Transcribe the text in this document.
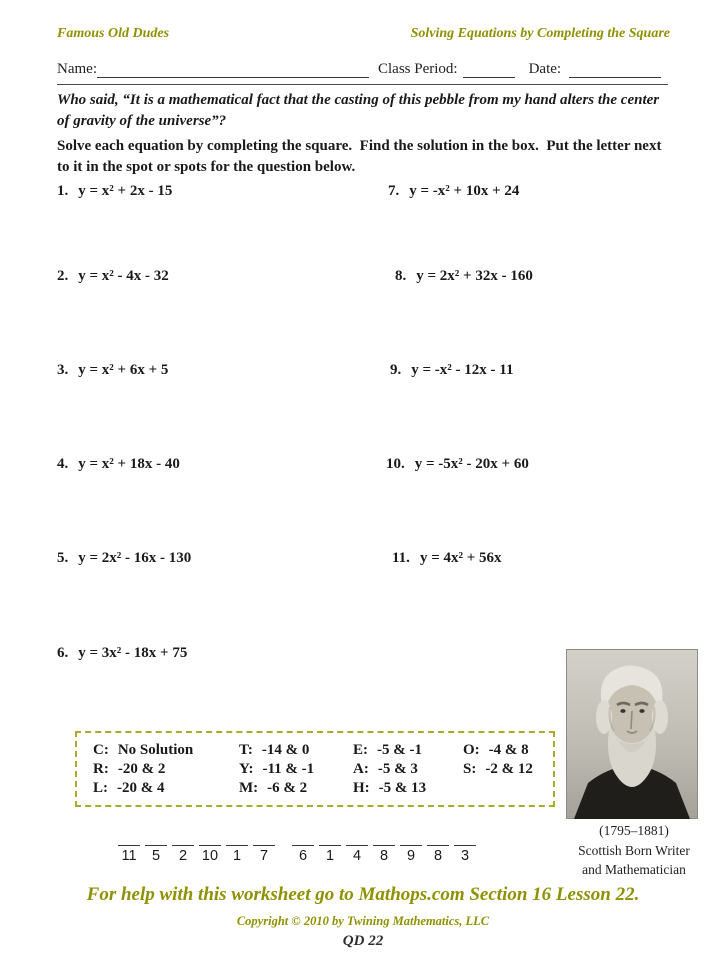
Famous Old Dudes	Solving Equations by Completing the Square
Name:	Class Period:	Date:
Who said, “It is a mathematical fact that the casting of this pebble from my hand alters the center of gravity of the universe”?
Solve each equation by completing the square.  Find the solution in the box.  Put the letter next to it in the spot or spots for the question below.
1. y = x² + 2x - 15
2. y = x² - 4x - 32
3. y = x² + 6x + 5
4. y = x² + 18x - 40
5. y = 2x² - 16x - 130
6. y = 3x² - 18x + 75
7. y = -x² + 10x + 24
8. y = 2x² + 32x - 160
9. y = -x² - 12x - 11
10. y = -5x² - 20x + 60
11. y = 4x² + 56x
C: No Solution	T: -14 & 0	E: -5 & -1	O: -4 & 8
R: -20 & 2	Y: -11 & -1	A: -5 & 3	S: -2 & 12
L: -20 & 4	M: -6 & 2	H: -5 & 13
(1795–1881)
Scottish Born Writer
and Mathematician
11	5	2	10	1	7	6	1	4	8	9	8	3
For help with this worksheet go to Mathops.com Section 16 Lesson 22.
Copyright © 2010 by Twining Mathematics, LLC
QD 22
